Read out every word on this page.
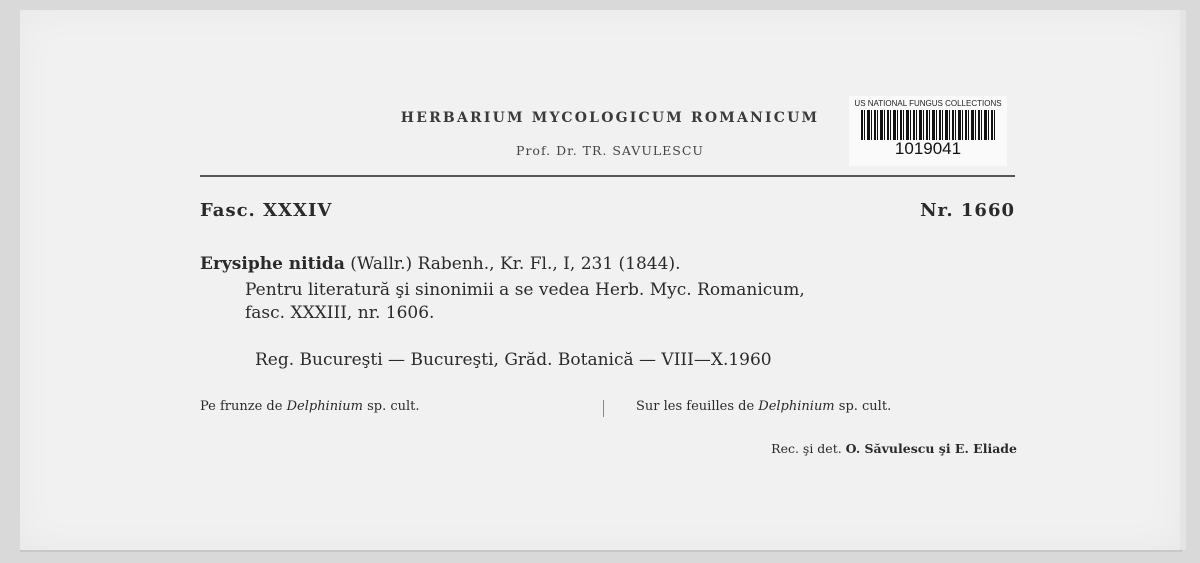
HERBARIUM MYCOLOGICUM ROMANICUM
Prof. Dr. TR. SAVULESCU
US NATIONAL FUNGUS COLLECTIONS
1019041
Fasc. XXXIV	Nr. 1660
Erysiphe nitida (Wallr.) Rabenh., Kr. Fl., I, 231 (1844).
Pentru literatură şi sinonimii a se vedea Herb. Myc. Romanicum,
fasc. XXXIII, nr. 1606.
Reg. Bucureşti — Bucureşti, Grăd. Botanică — VIII—X.1960
Pe frunze de Delphinium sp. cult.	Sur les feuilles de Delphinium sp. cult.
Rec. şi det. O. Săvulescu şi E. Eliade
